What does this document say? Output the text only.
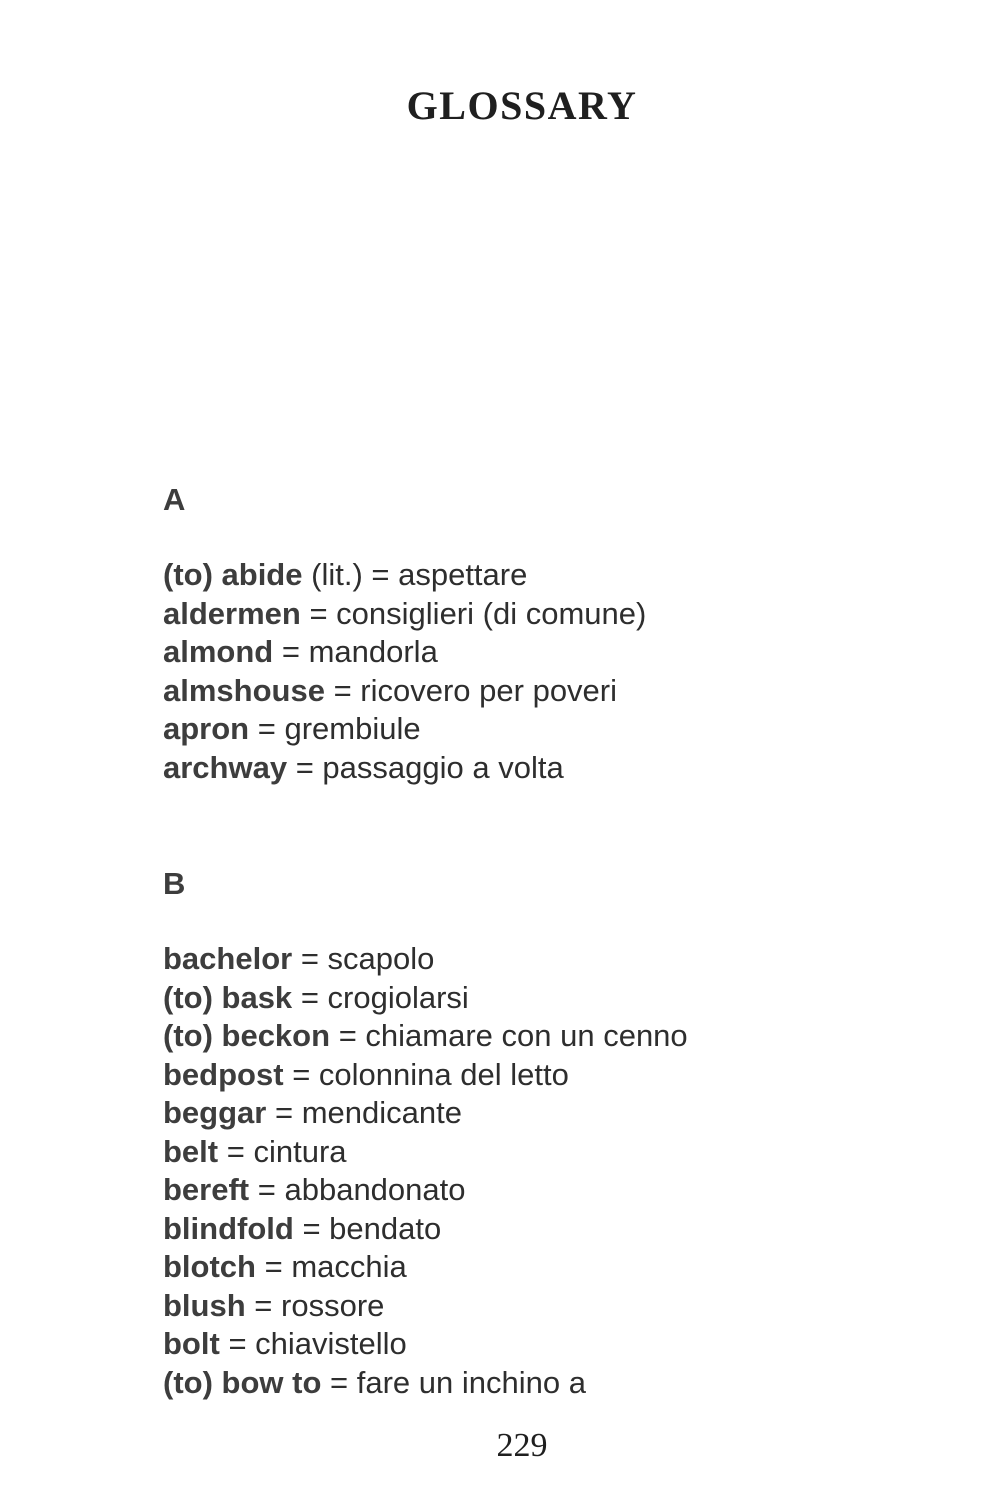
GLOSSARY
A

(to) abide (lit.) = aspettare

aldermen = consiglieri (di comune)

almond = mandorla

almshouse = ricovero per poveri

apron = grembiule

archway = passaggio a volta

B

bachelor = scapolo

(to) bask = crogiolarsi

(to) beckon = chiamare con un cenno

bedpost = colonnina del letto

beggar = mendicante

belt = cintura

bereft = abbandonato

blindfold = bendato

blotch = macchia

blush = rossore

bolt = chiavistello

(to) bow to = fare un inchino a

229
